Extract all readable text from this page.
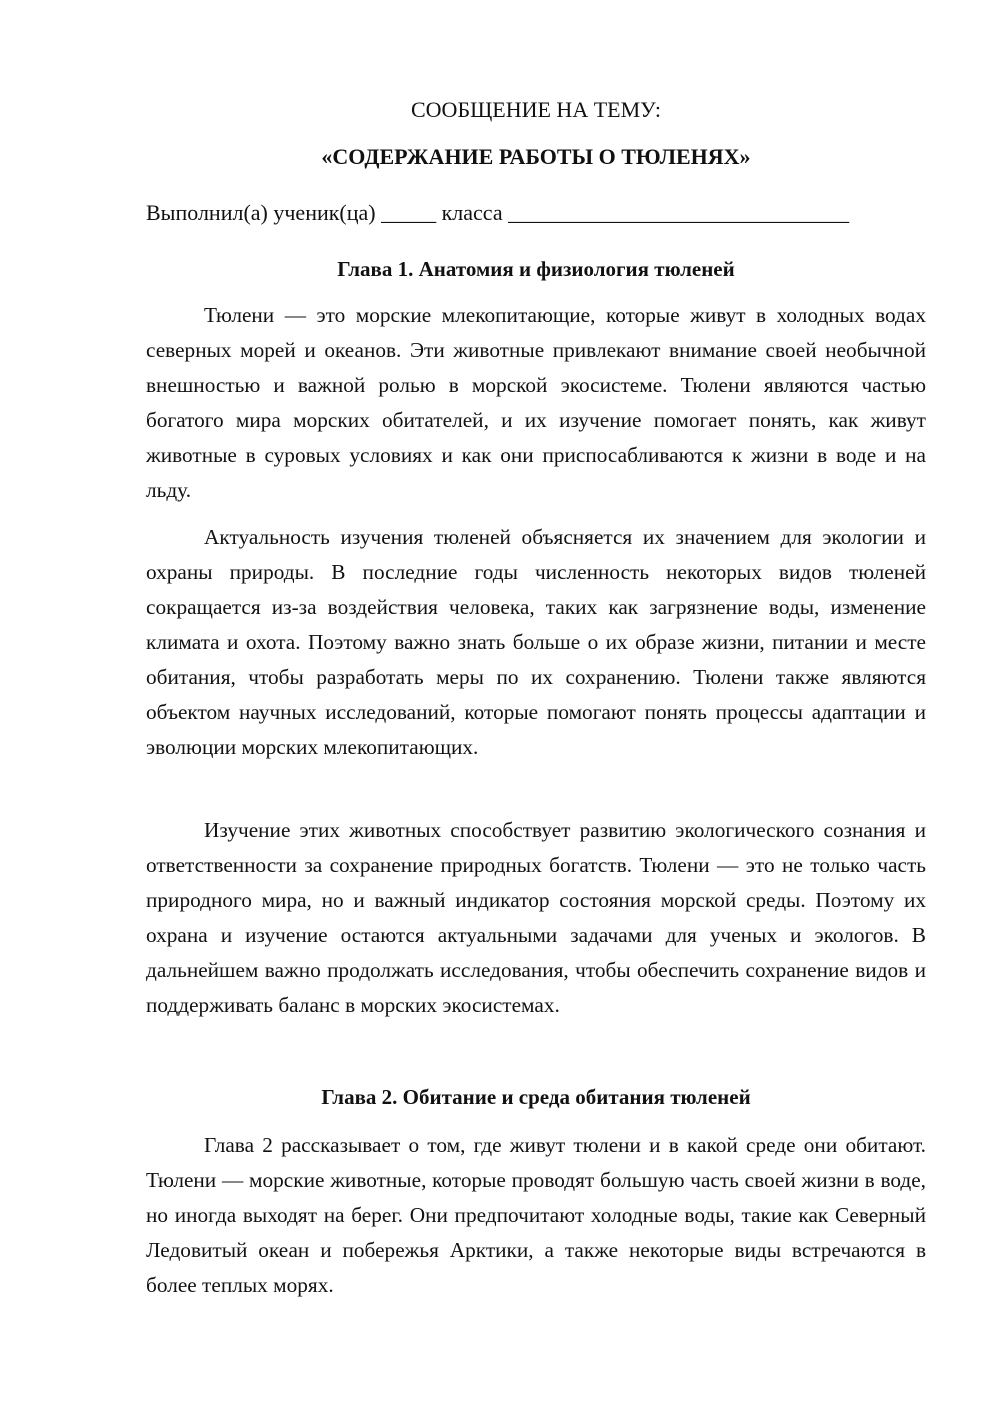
СООБЩЕНИЕ НА ТЕМУ:
«СОДЕРЖАНИЕ РАБОТЫ О ТЮЛЕНЯХ»
Выполнил(а) ученик(ца) _____ класса _______________________________
Глава 1. Анатомия и физиология тюленей

Тюлени — это морские млекопитающие, которые живут в холодных водах северных морей и океанов. Эти животные привлекают внимание своей необычной внешностью и важной ролью в морской экосистеме. Тюлени являются частью богатого мира морских обитателей, и их изучение помогает понять, как живут животные в суровых условиях и как они приспосабливаются к жизни в воде и на льду.

Актуальность изучения тюленей объясняется их значением для экологии и охраны природы. В последние годы численность некоторых видов тюленей сокращается из-за воздействия человека, таких как загрязнение воды, изменение климата и охота. Поэтому важно знать больше о их образе жизни, питании и месте обитания, чтобы разработать меры по их сохранению. Тюлени также являются объектом научных исследований, которые помогают понять процессы адаптации и эволюции морских млекопитающих.

Изучение этих животных способствует развитию экологического сознания и ответственности за сохранение природных богатств. Тюлени — это не только часть природного мира, но и важный индикатор состояния морской среды. Поэтому их охрана и изучение остаются актуальными задачами для ученых и экологов. В дальнейшем важно продолжать исследования, чтобы обеспечить сохранение видов и поддерживать баланс в морских экосистемах.

Глава 2. Обитание и среда обитания тюленей

Глава 2 рассказывает о том, где живут тюлени и в какой среде они обитают. Тюлени — морские животные, которые проводят большую часть своей жизни в воде, но иногда выходят на берег. Они предпочитают холодные воды, такие как Северный Ледовитый океан и побережья Арктики, а также некоторые виды встречаются в более теплых морях.
